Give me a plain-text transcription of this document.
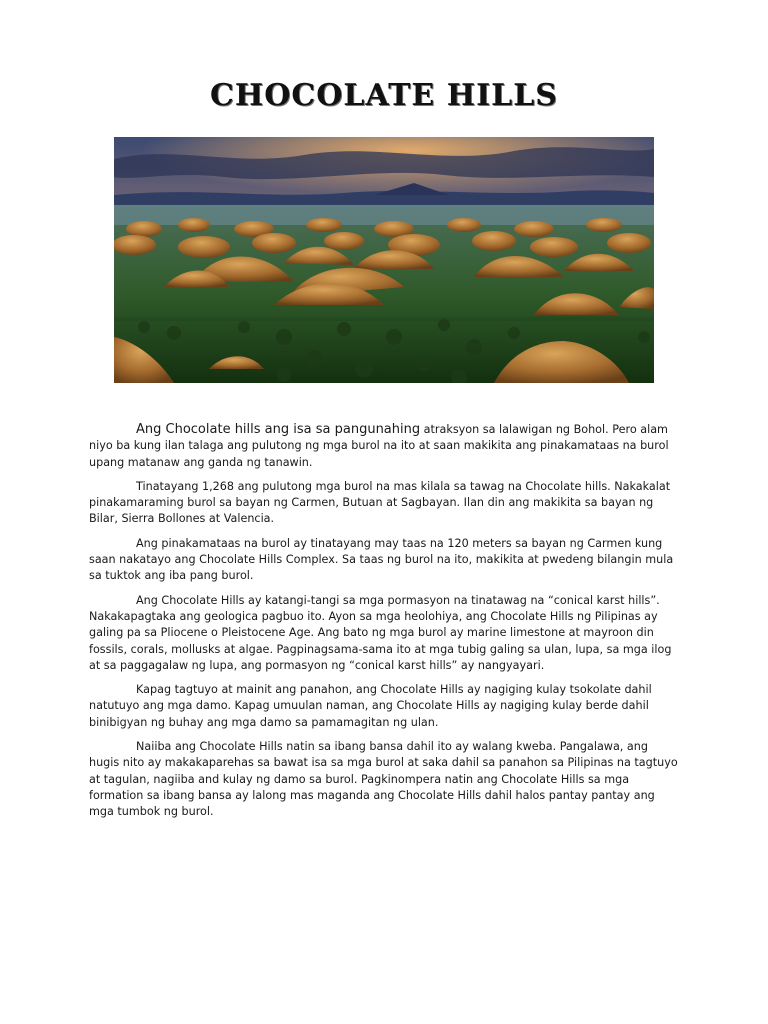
CHOCOLATE HILLS

Ang Chocolate hills ang isa sa pangunahing atraksyon sa lalawigan ng Bohol. Pero alam niyo ba kung ilan talaga ang pulutong ng mga burol na ito at saan makikita ang pinakamataas na burol upang matanaw ang ganda ng tanawin.

Tinatayang 1,268 ang pulutong mga burol na mas kilala sa tawag na Chocolate hills. Nakakalat pinakamaraming burol sa bayan ng Carmen, Butuan at Sagbayan. Ilan din ang makikita sa bayan ng Bilar, Sierra Bollones at Valencia.

Ang pinakamataas na burol ay tinatayang may taas na 120 meters sa bayan ng Carmen kung saan nakatayo ang Chocolate Hills Complex. Sa taas ng burol na ito, makikita at pwedeng bilangin mula sa tuktok ang iba pang burol.

Ang Chocolate Hills ay katangi-tangi sa mga pormasyon na tinatawag na “conical karst hills”. Nakakapagtaka ang geologica pagbuo ito. Ayon sa mga heolohiya, ang Chocolate Hills ng Pilipinas ay galing pa sa Pliocene o Pleistocene Age. Ang bato ng mga burol ay marine limestone at mayroon din fossils, corals, mollusks at algae. Pagpinagsama-sama ito at mga tubig galing sa ulan, lupa, sa mga ilog at sa paggagalaw ng lupa, ang pormasyon ng “conical karst hills” ay nangyayari.

Kapag tagtuyo at mainit ang panahon, ang Chocolate Hills ay nagiging kulay tsokolate dahil natutuyo ang mga damo. Kapag umuulan naman, ang Chocolate Hills ay nagiging kulay berde dahil binibigyan ng buhay ang mga damo sa pamamagitan ng ulan.

Naiiba ang Chocolate Hills natin sa ibang bansa dahil ito ay walang kweba. Pangalawa, ang hugis nito ay makakaparehas sa bawat isa sa mga burol at saka dahil sa panahon sa Pilipinas na tagtuyo at tagulan, nagiiba and kulay ng damo sa burol. Pagkinompera natin ang Chocolate Hills sa mga formation sa ibang bansa ay lalong mas maganda ang Chocolate Hills dahil halos pantay pantay ang mga tumbok ng burol.
